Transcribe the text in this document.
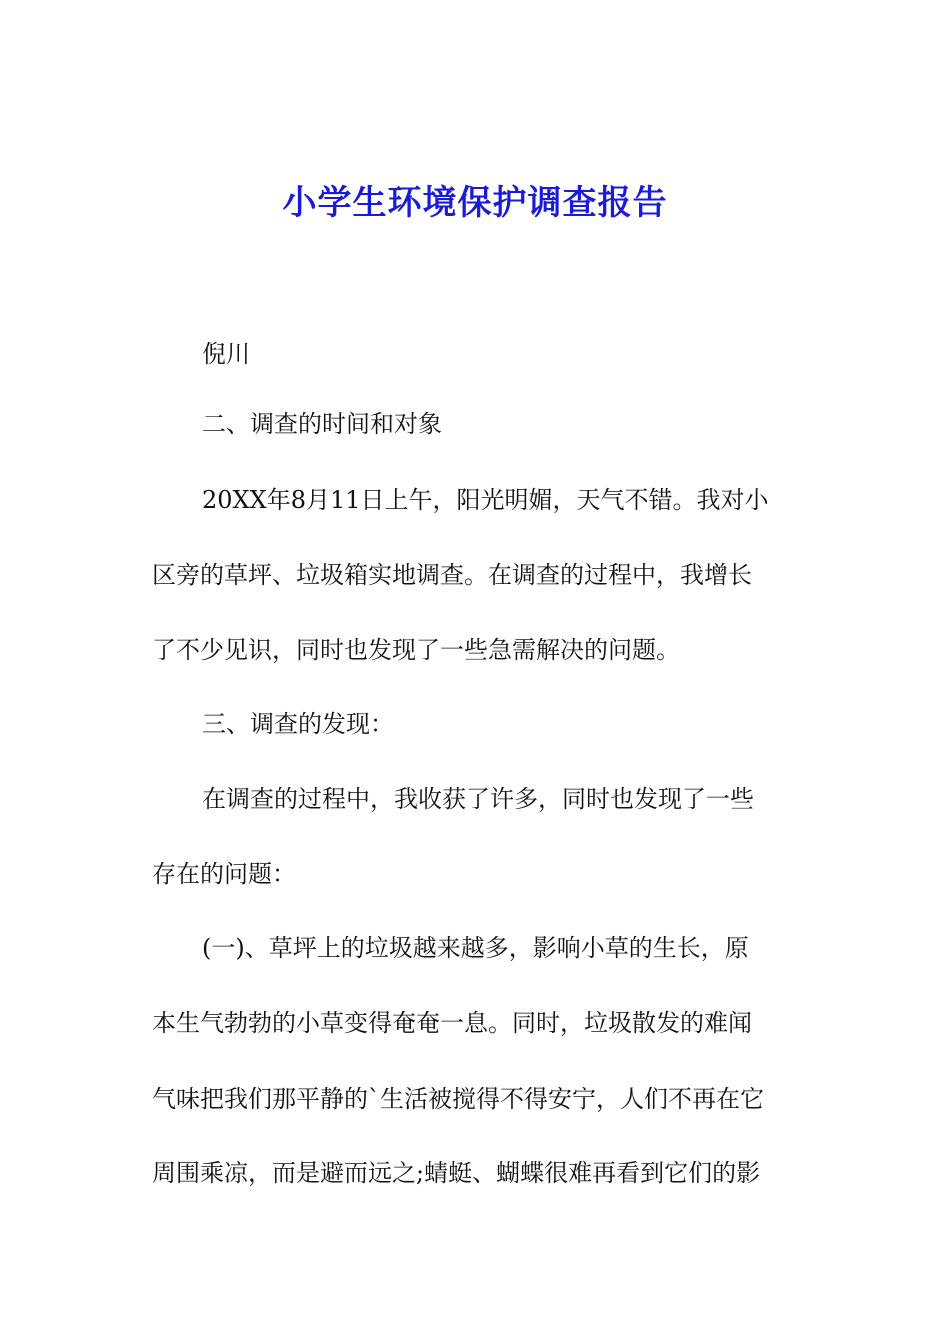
小学生环境保护调查报告

倪川

二、调查的时间和对象

20XX年8月11日上午，阳光明媚，天气不错。我对小

区旁的草坪、垃圾箱实地调查。在调查的过程中，我增长

了不少见识，同时也发现了一些急需解决的问题。

三、调查的发现：

在调查的过程中，我收获了许多，同时也发现了一些

存在的问题：

(一)、草坪上的垃圾越来越多，影响小草的生长，原

本生气勃勃的小草变得奄奄一息。同时，垃圾散发的难闻

气味把我们那平静的`生活被搅得不得安宁，人们不再在它

周围乘凉，而是避而远之;蜻蜓、蝴蝶很难再看到它们的影
